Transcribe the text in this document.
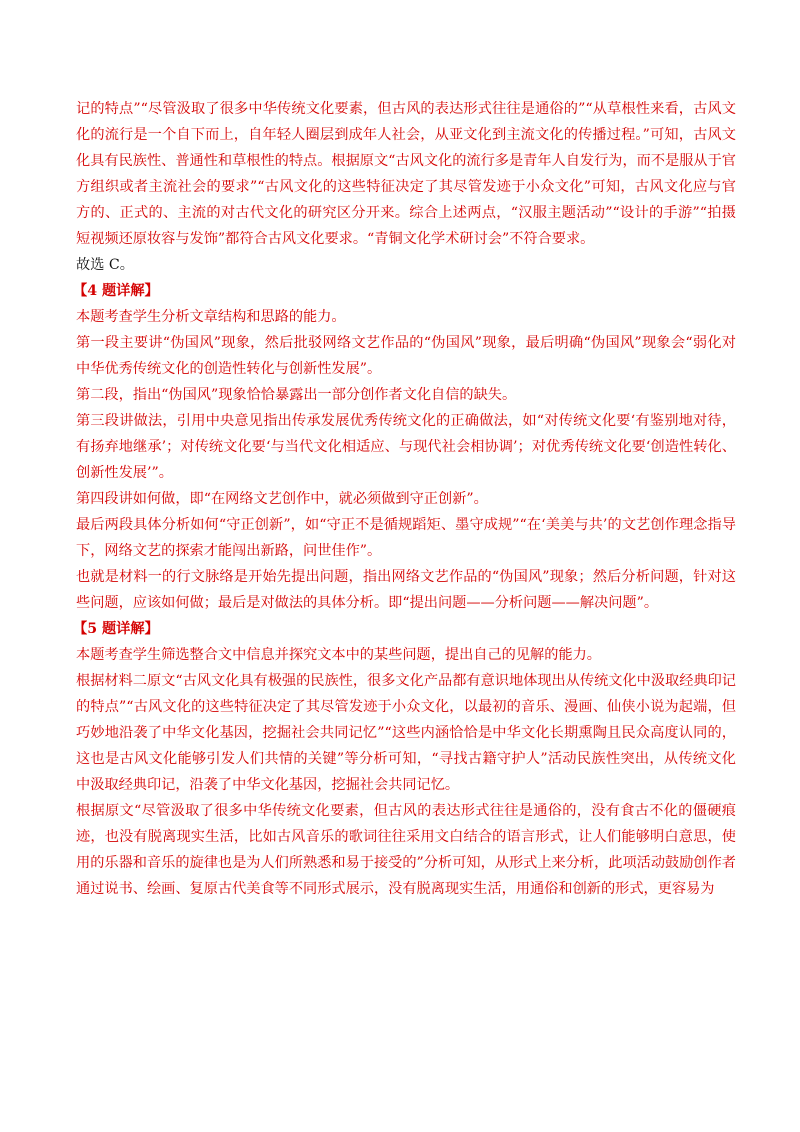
记的特点”“尽管汲取了很多中华传统文化要素，但古风的表达形式往往是通俗的”“从草根性来看，古风文化的流行是一个自下而上，自年轻人圈层到成年人社会，从亚文化到主流文化的传播过程。”可知，古风文化具有民族性、普通性和草根性的特点。根据原文“古风文化的流行多是青年人自发行为，而不是服从于官方组织或者主流社会的要求”“古风文化的这些特征决定了其尽管发迹于小众文化”可知，古风文化应与官方的、正式的、主流的对古代文化的研究区分开来。综合上述两点，“汉服主题活动”“设计的手游”“拍摄短视频还原妆容与发饰”都符合古风文化要求。“青铜文化学术研讨会”不符合要求。

故选 C。

【4 题详解】

本题考查学生分析文章结构和思路的能力。

第一段主要讲“伪国风”现象，然后批驳网络文艺作品的“伪国风”现象，最后明确“伪国风”现象会“弱化对中华优秀传统文化的创造性转化与创新性发展”。

第二段，指出“伪国风”现象恰恰暴露出一部分创作者文化自信的缺失。

第三段讲做法，引用中央意见指出传承发展优秀传统文化的正确做法，如“对传统文化要‘有鉴别地对待，有扬弃地继承’；对传统文化要‘与当代文化相适应、与现代社会相协调’；对优秀传统文化要‘创造性转化、创新性发展’”。

第四段讲如何做，即“在网络文艺创作中，就必须做到守正创新”。

最后两段具体分析如何“守正创新”，如“守正不是循规蹈矩、墨守成规”“在‘美美与共’的文艺创作理念指导下，网络文艺的探索才能闯出新路，问世佳作”。

也就是材料一的行文脉络是开始先提出问题，指出网络文艺作品的“伪国风”现象；然后分析问题，针对这些问题，应该如何做；最后是对做法的具体分析。即“提出问题——分析问题——解决问题”。

【5 题详解】

本题考查学生筛选整合文中信息并探究文本中的某些问题，提出自己的见解的能力。

根据材料二原文“古风文化具有极强的民族性，很多文化产品都有意识地体现出从传统文化中汲取经典印记的特点”“古风文化的这些特征决定了其尽管发迹于小众文化，以最初的音乐、漫画、仙侠小说为起端，但巧妙地沿袭了中华文化基因，挖掘社会共同记忆”“这些内涵恰恰是中华文化长期熏陶且民众高度认同的，这也是古风文化能够引发人们共情的关键”等分析可知，“寻找古籍守护人”活动民族性突出，从传统文化中汲取经典印记，沿袭了中华文化基因，挖掘社会共同记忆。

根据原文“尽管汲取了很多中华传统文化要素，但古风的表达形式往往是通俗的，没有食古不化的僵硬痕迹，也没有脱离现实生活，比如古风音乐的歌词往往采用文白结合的语言形式，让人们能够明白意思，使用的乐器和音乐的旋律也是为人们所熟悉和易于接受的”分析可知，从形式上来分析，此项活动鼓励创作者通过说书、绘画、复原古代美食等不同形式展示，没有脱离现实生活，用通俗和创新的形式，更容易为
